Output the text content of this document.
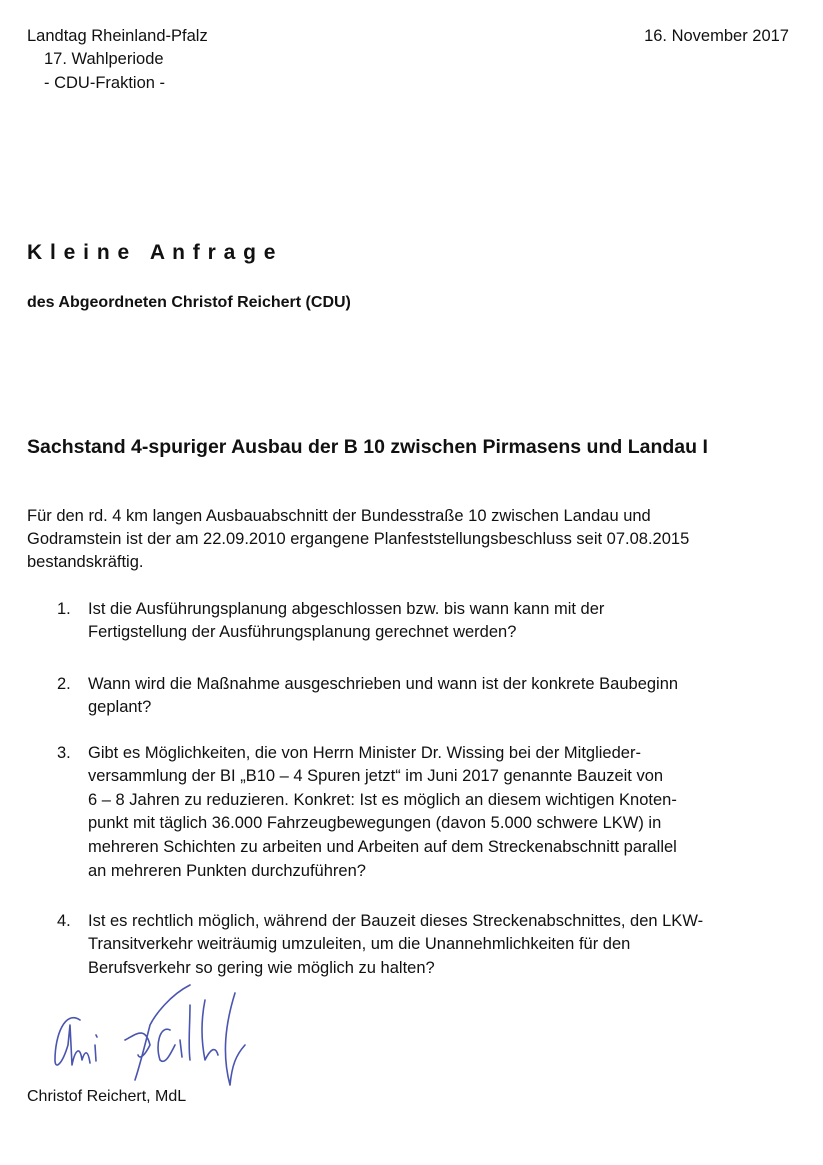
Landtag Rheinland-Pfalz
17. Wahlperiode
- CDU-Fraktion -
16. November 2017
K l e i n e   A n f r a g e
des Abgeordneten Christof Reichert (CDU)
Sachstand 4-spuriger Ausbau der B 10 zwischen Pirmasens und Landau I
Für den rd. 4 km langen Ausbauabschnitt der Bundesstraße 10 zwischen Landau und
Godramstein ist der am 22.09.2010 ergangene Planfeststellungsbeschluss seit 07.08.2015
bestandskräftig.
1. Ist die Ausführungsplanung abgeschlossen bzw. bis wann kann mit der
Fertigstellung der Ausführungsplanung gerechnet werden?
2. Wann wird die Maßnahme ausgeschrieben und wann ist der konkrete Baubeginn
geplant?
3. Gibt es Möglichkeiten, die von Herrn Minister Dr. Wissing bei der Mitglieder-
versammlung der BI „B10 – 4 Spuren jetzt“ im Juni 2017 genannte Bauzeit von
6 – 8 Jahren zu reduzieren. Konkret: Ist es möglich an diesem wichtigen Knoten-
punkt mit täglich 36.000 Fahrzeugbewegungen (davon 5.000 schwere LKW) in
mehreren Schichten zu arbeiten und Arbeiten auf dem Streckenabschnitt parallel
an mehreren Punkten durchzuführen?
4. Ist es rechtlich möglich, während der Bauzeit dieses Streckenabschnittes, den LKW-
Transitverkehr weiträumig umzuleiten, um die Unannehmlichkeiten für den
Berufsverkehr so gering wie möglich zu halten?
Christof Reichert, MdL
